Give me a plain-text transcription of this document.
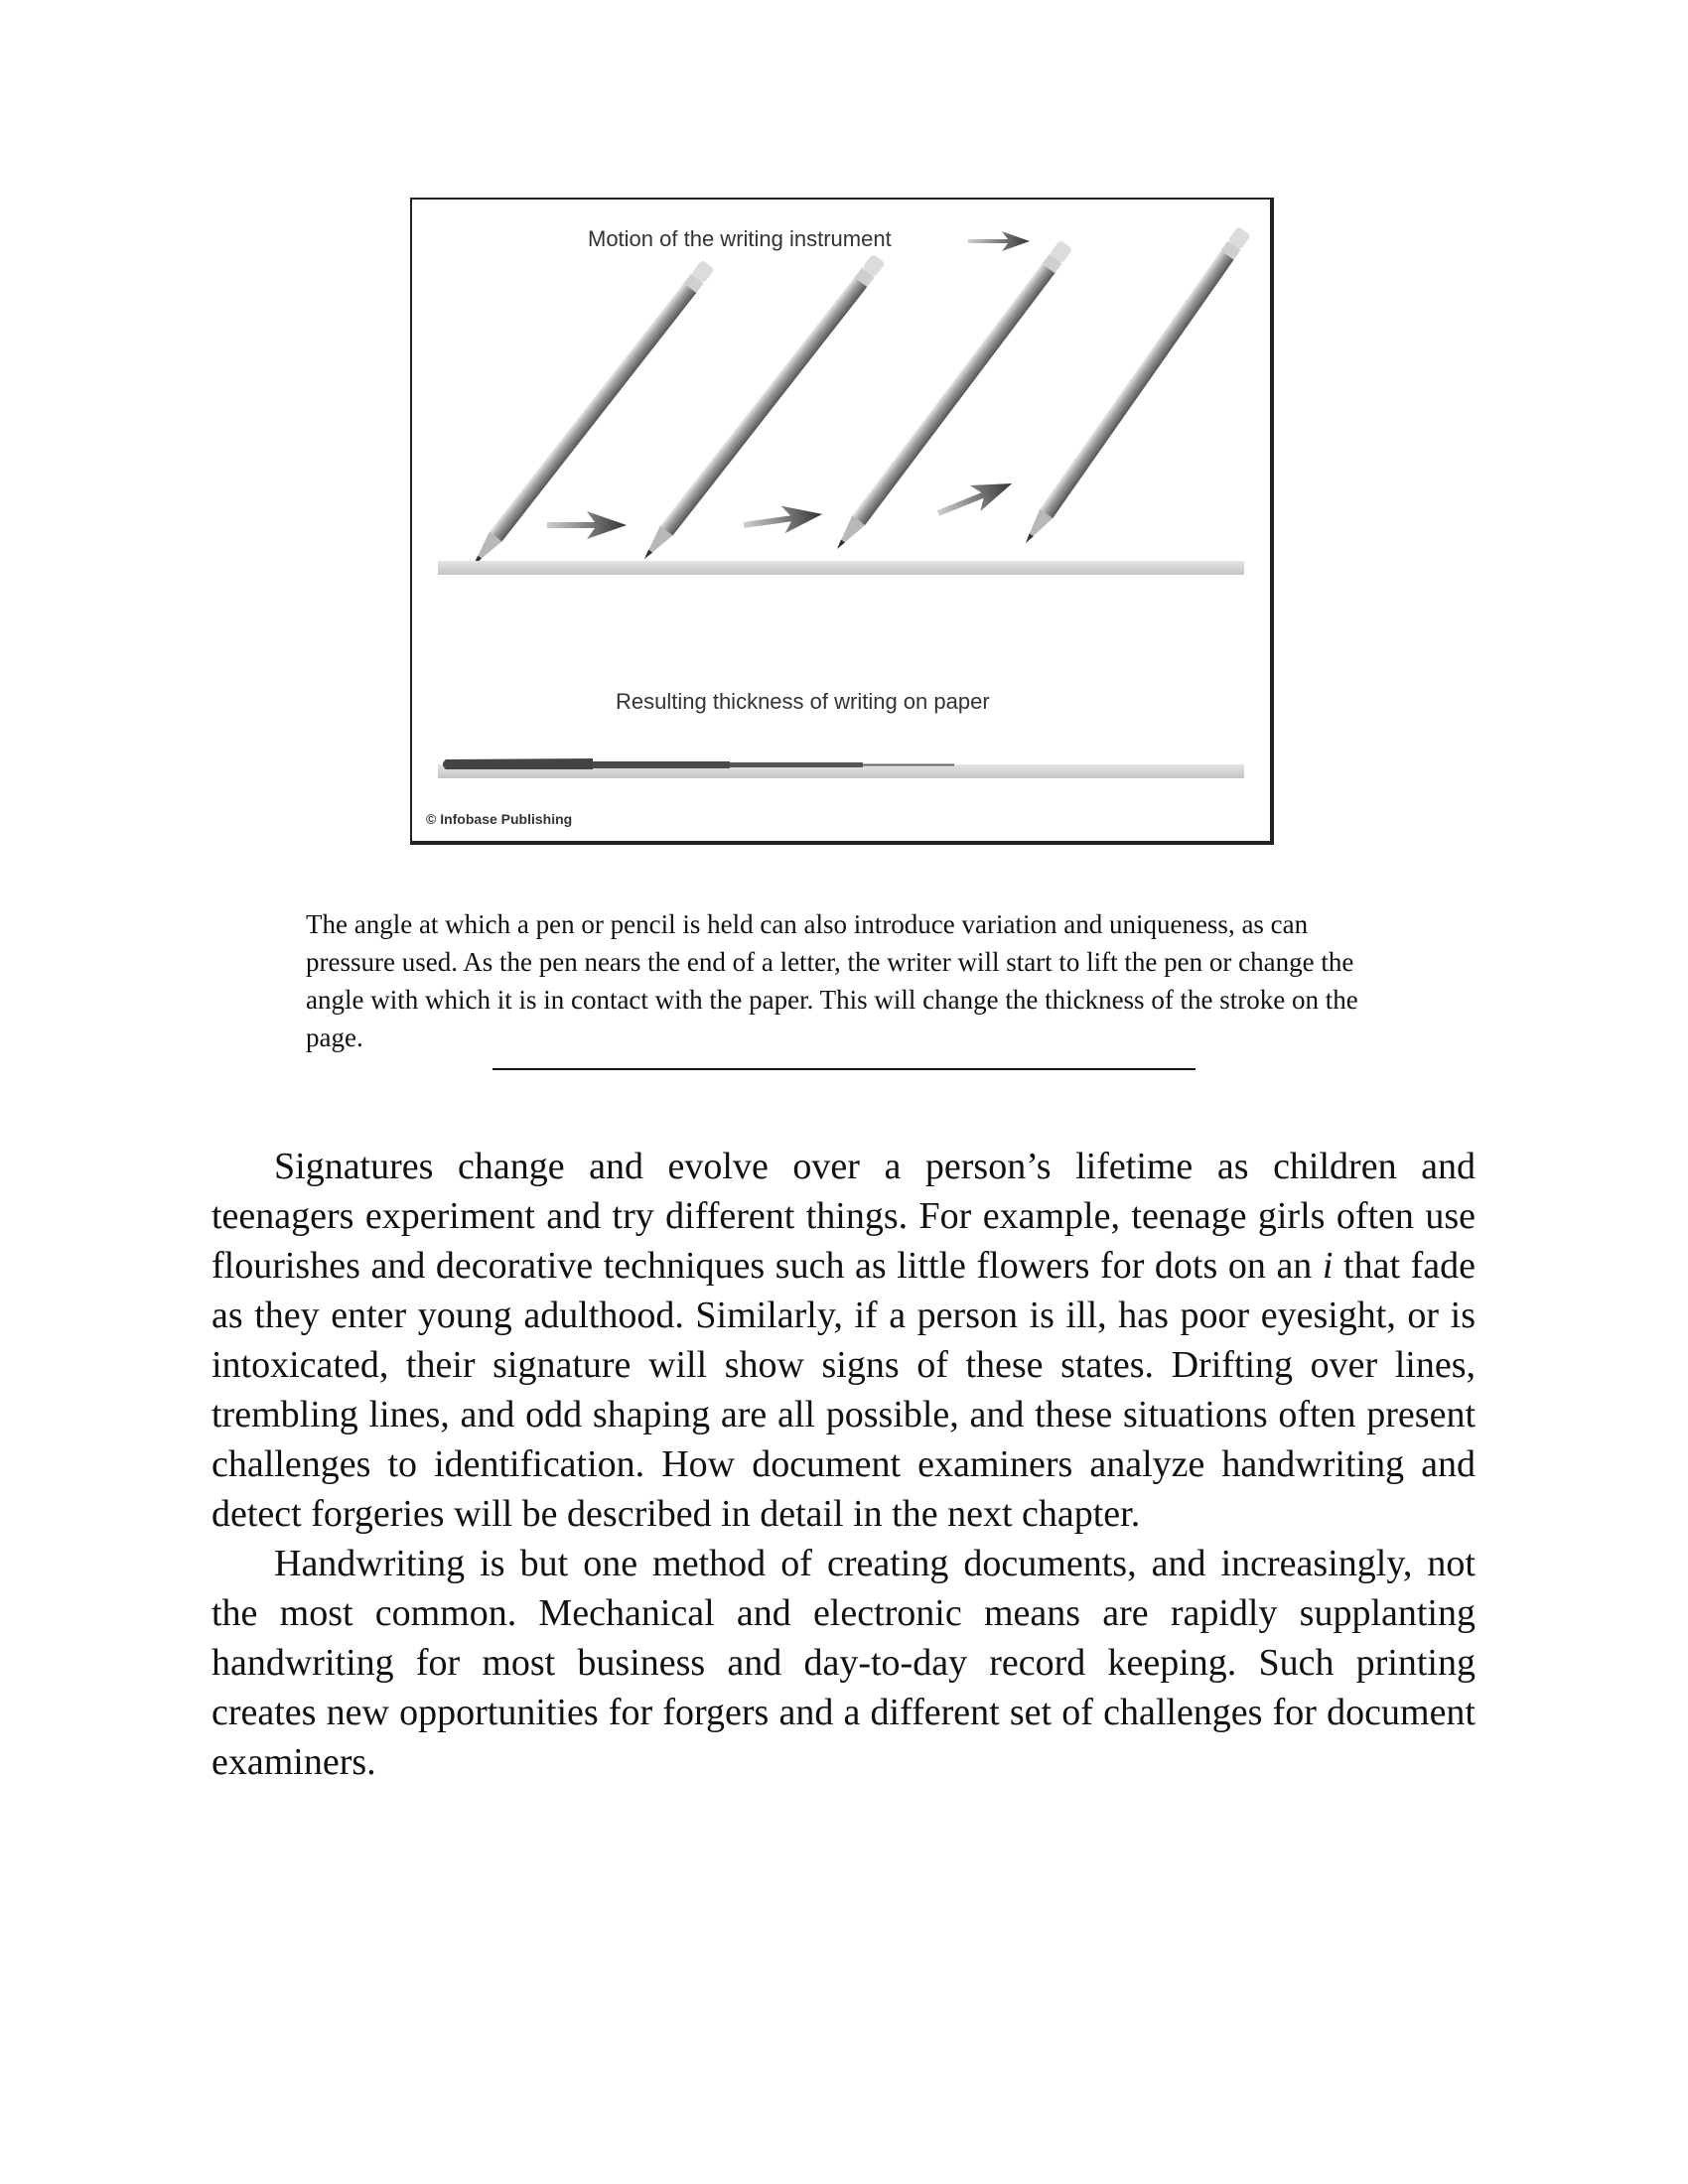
Motion of the writing instrument
Resulting thickness of writing on paper
© Infobase Publishing
The angle at which a pen or pencil is held can also introduce variation and uniqueness, as can pressure used. As the pen nears the end of a letter, the writer will start to lift the pen or change the angle with which it is in contact with the paper. This will change the thickness of the stroke on the page.

Signatures change and evolve over a person’s lifetime as children and teenagers experiment and try different things. For example, teenage girls often use flourishes and decorative techniques such as little flowers for dots on an i that fade as they enter young adulthood. Similarly, if a person is ill, has poor eyesight, or is intoxicated, their signature will show signs of these states. Drifting over lines, trembling lines, and odd shaping are all possible, and these situations often present challenges to identification. How document examiners analyze handwriting and detect forgeries will be described in detail in the next chapter.

Handwriting is but one method of creating documents, and increasingly, not the most common. Mechanical and electronic means are rapidly supplanting handwriting for most business and day-to-day record keeping. Such printing creates new opportunities for forgers and a different set of challenges for document examiners.
